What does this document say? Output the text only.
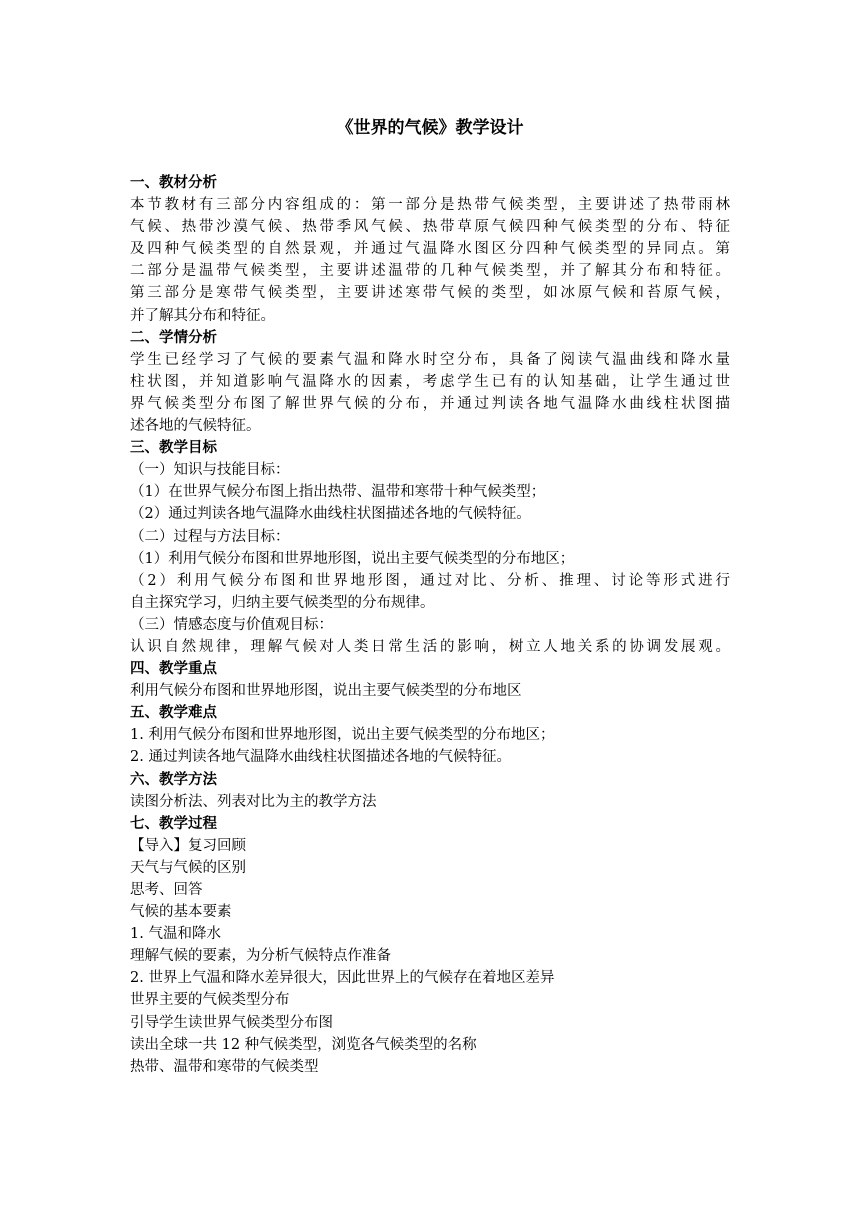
《世界的气候》教学设计
一、教材分析
本节教材有三部分内容组成的：第一部分是热带气候类型，主要讲述了热带雨林
气候、热带沙漠气候、热带季风气候、热带草原气候四种气候类型的分布、特征
及四种气候类型的自然景观，并通过气温降水图区分四种气候类型的异同点。第
二部分是温带气候类型，主要讲述温带的几种气候类型，并了解其分布和特征。
第三部分是寒带气候类型，主要讲述寒带气候的类型，如冰原气候和苔原气候，
并了解其分布和特征。
二、学情分析
学生已经学习了气候的要素气温和降水时空分布，具备了阅读气温曲线和降水量
柱状图，并知道影响气温降水的因素，考虑学生已有的认知基础，让学生通过世
界气候类型分布图了解世界气候的分布，并通过判读各地气温降水曲线柱状图描
述各地的气候特征。
三、教学目标
（一）知识与技能目标：
（1）在世界气候分布图上指出热带、温带和寒带十种气候类型；
（2）通过判读各地气温降水曲线柱状图描述各地的气候特征。
（二）过程与方法目标：
（1）利用气候分布图和世界地形图，说出主要气候类型的分布地区；
（2）利用气候分布图和世界地形图，通过对比、分析、推理、讨论等形式进行
自主探究学习，归纳主要气候类型的分布规律。
（三）情感态度与价值观目标：
认识自然规律，理解气候对人类日常生活的影响，树立人地关系的协调发展观。
四、教学重点
利用气候分布图和世界地形图，说出主要气候类型的分布地区
五、教学难点
1. 利用气候分布图和世界地形图，说出主要气候类型的分布地区；
2. 通过判读各地气温降水曲线柱状图描述各地的气候特征。
六、教学方法
读图分析法、列表对比为主的教学方法
七、教学过程
【导入】复习回顾
天气与气候的区别
思考、回答
气候的基本要素
1. 气温和降水
理解气候的要素，为分析气候特点作准备
2. 世界上气温和降水差异很大，因此世界上的气候存在着地区差异
世界主要的气候类型分布
引导学生读世界气候类型分布图
读出全球一共 12 种气候类型，浏览各气候类型的名称
热带、温带和寒带的气候类型
